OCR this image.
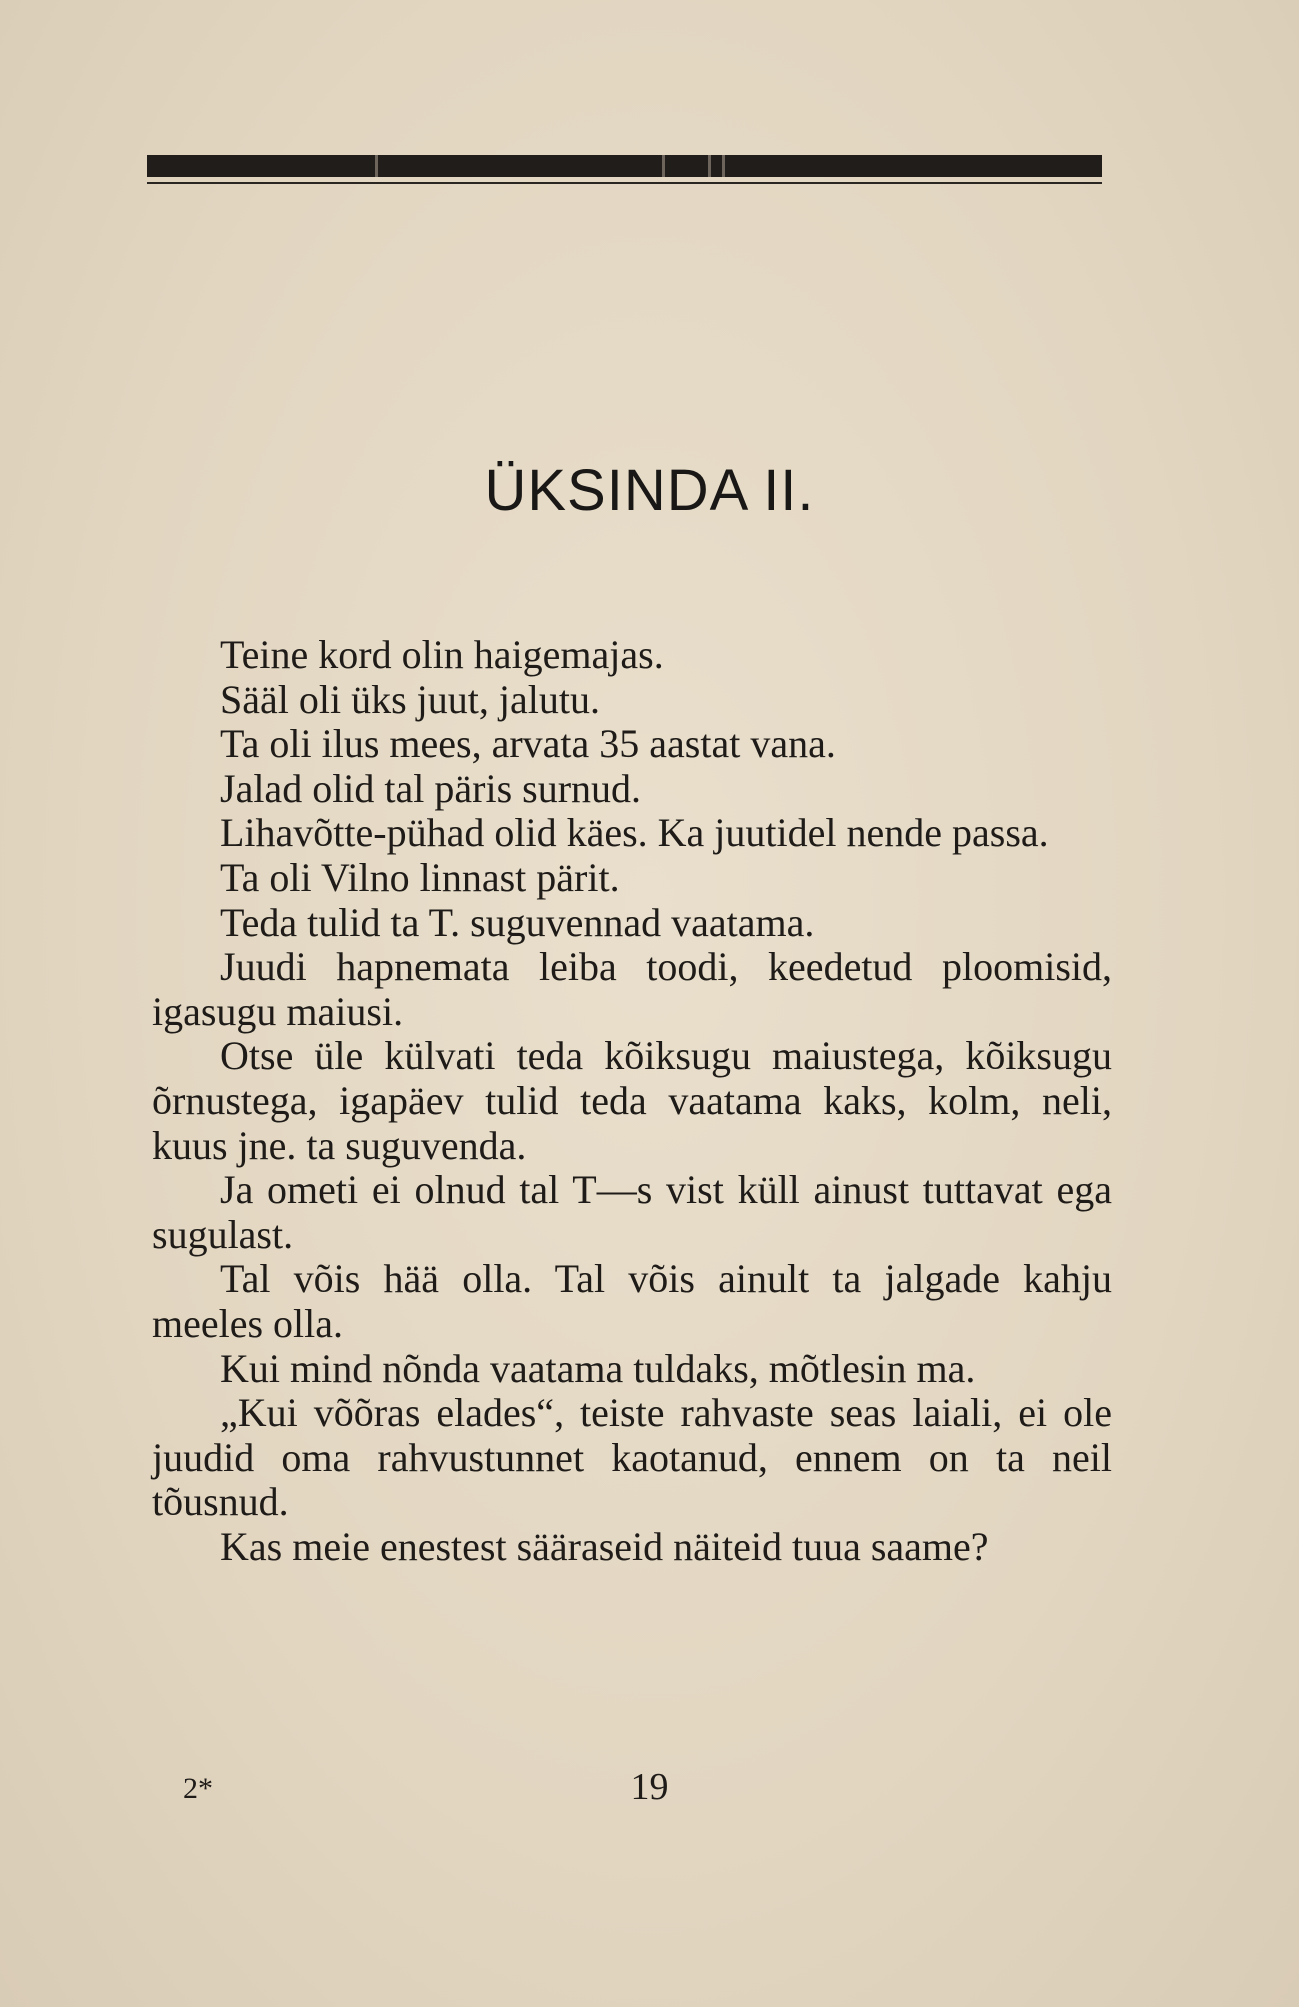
ÜKSINDA II.

Teine kord olin haigemajas.

Sääl oli üks juut, jalutu.

Ta oli ilus mees, arvata 35 aastat vana.

Jalad olid tal päris surnud.

Lihavõtte-pühad olid käes. Ka juutidel nende passa.

Ta oli Vilno linnast pärit.

Teda tulid ta T. suguvennad vaatama.

Juudi hapnemata leiba toodi, keedetud ploomisid, igasugu maiusi.

Otse üle külvati teda kõiksugu maiustega, kõiksugu õrnustega, igapäev tulid teda vaatama kaks, kolm, neli, kuus jne. ta suguvenda.

Ja ometi ei olnud tal T—s vist küll ainust tuttavat ega sugulast.

Tal võis hää olla. Tal võis ainult ta jalgade kahju meeles olla.

Kui mind nõnda vaatama tuldaks, mõtlesin ma.

„Kui võõras elades“, teiste rahvaste seas laiali, ei ole juudid oma rahvustunnet kaotanud, ennem on ta neil tõusnud.

Kas meie enestest sääraseid näiteid tuua saame?

2*	19
